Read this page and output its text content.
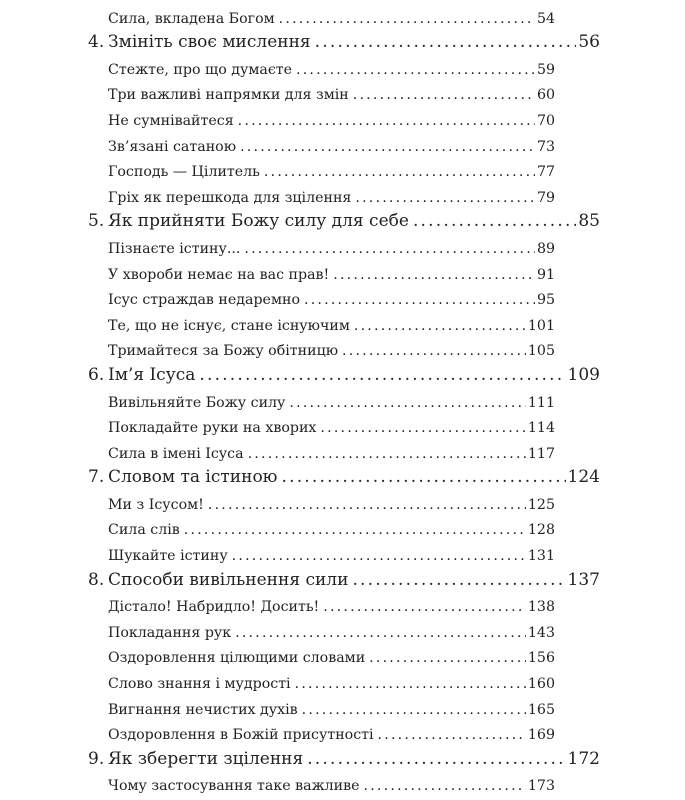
Сила, вкладена Богом .....	54
4. Змініть своє мислення .....	56
Стежте, про що думаєте .....	59
Три важливі напрямки для змін .....	60
Не сумнівайтеся .....	70
Зв’язані сатаною .....	73
Господь — Цілитель .....	77
Гріх як перешкода для зцілення .....	79
5. Як прийняти Божу силу для себе .....	85
Пізнаєте істину... .....	89
У хвороби немає на вас прав! .....	91
Ісус страждав недаремно .....	95
Те, що не існує, стане існуючим .....	101
Тримайтеся за Божу обітницю .....	105
6. Ім’я Ісуса .....	109
Вивільняйте Божу силу .....	111
Покладайте руки на хворих .....	114
Сила в імені Ісуса .....	117
7. Словом та істиною .....	124
Ми з Ісусом! .....	125
Сила слів .....	128
Шукайте істину .....	131
8. Способи вивільнення сили .....	137
Дістало! Набридло! Досить! .....	138
Покладання рук .....	143
Оздоровлення цілющими словами .....	156
Слово знання і мудрості .....	160
Вигнання нечистих духів .....	165
Оздоровлення в Божій присутності .....	169
9. Як зберегти зцілення .....	172
Чому застосування таке важливе .....	173
